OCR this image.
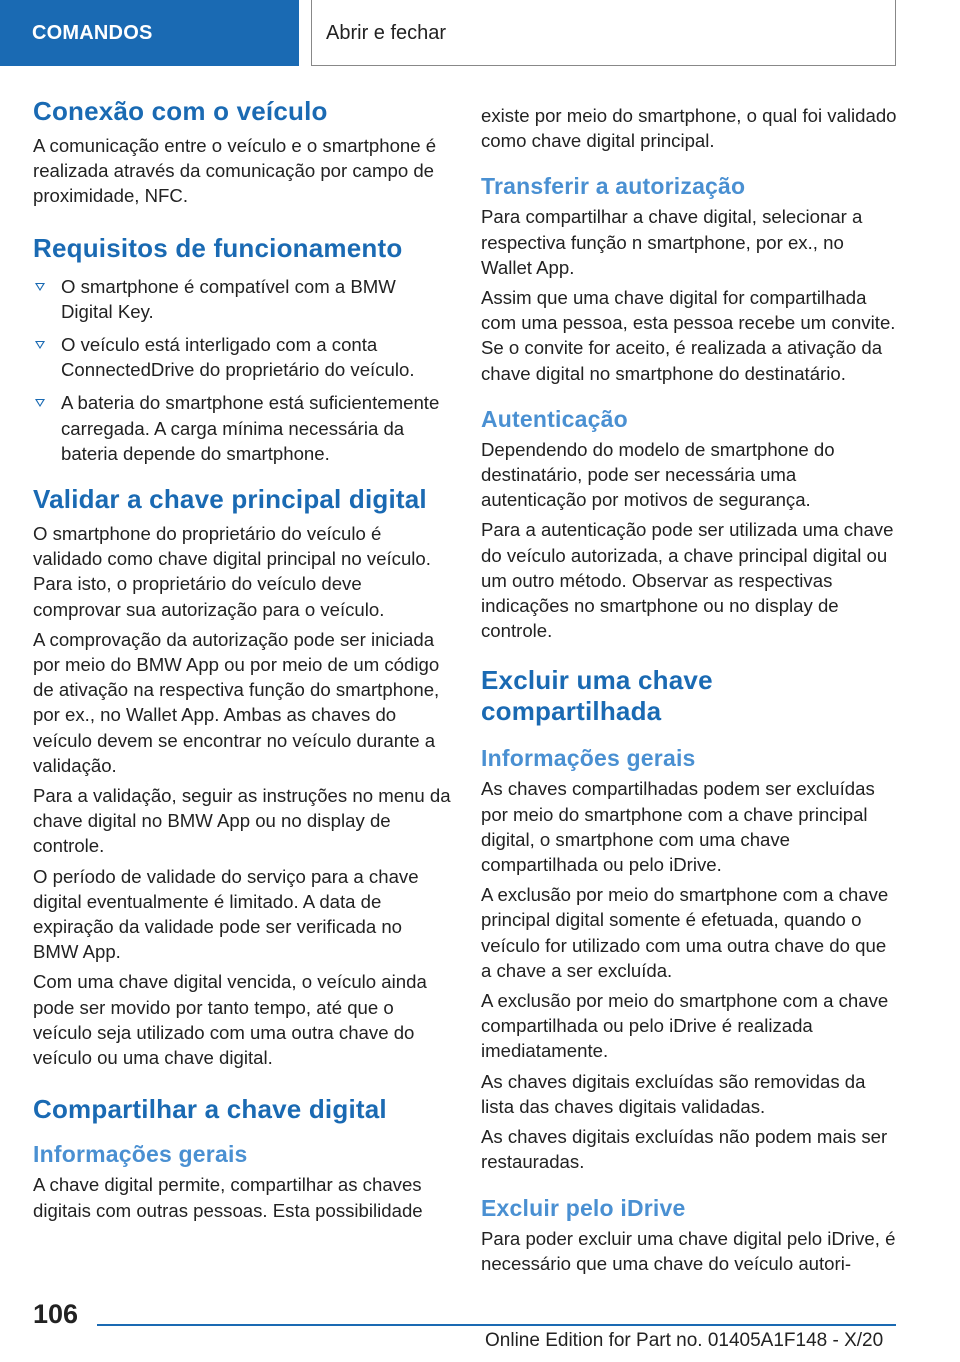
COMANDOS	Abrir e fechar
Conexão com o veículo

A comunicação entre o veículo e o smartphone é realizada através da comunicação por campo de proximidade, NFC.

Requisitos de funcionamento
O smartphone é compatível com a BMW Digital Key.
O veículo está interligado com a conta ConnectedDrive do proprietário do veículo.
A bateria do smartphone está suficientemente carregada. A carga mínima necessária da bateria depende do smartphone.
Validar a chave principal digital

O smartphone do proprietário do veículo é validado como chave digital principal no veículo. Para isto, o proprietário do veículo deve comprovar sua autorização para o veículo.

A comprovação da autorização pode ser iniciada por meio do BMW App ou por meio de um código de ativação na respectiva função do smartphone, por ex., no Wallet App. Ambas as chaves do veículo devem se encontrar no veículo durante a validação.

Para a validação, seguir as instruções no menu da chave digital no BMW App ou no display de controle.

O período de validade do serviço para a chave digital eventualmente é limitado. A data de expiração da validade pode ser verificada no BMW App.

Com uma chave digital vencida, o veículo ainda pode ser movido por tanto tempo, até que o veículo seja utilizado com uma outra chave do veículo ou uma chave digital.

Compartilhar a chave digital
Informações gerais

A chave digital permite, compartilhar as chaves digitais com outras pessoas. Esta possibilidade

existe por meio do smartphone, o qual foi validado como chave digital principal.

Transferir a autorização

Para compartilhar a chave digital, selecionar a respectiva função n smartphone, por ex., no Wallet App.

Assim que uma chave digital for compartilhada com uma pessoa, esta pessoa recebe um convite. Se o convite for aceito, é realizada a ativação da chave digital no smartphone do destinatário.

Autenticação

Dependendo do modelo de smartphone do destinatário, pode ser necessária uma autenticação por motivos de segurança.

Para a autenticação pode ser utilizada uma chave do veículo autorizada, a chave principal digital ou um outro método. Observar as respectivas indicações no smartphone ou no display de controle.

Excluir uma chave compartilhada
Informações gerais

As chaves compartilhadas podem ser excluídas por meio do smartphone com a chave principal digital, o smartphone com uma chave compartilhada ou pelo iDrive.

A exclusão por meio do smartphone com a chave principal digital somente é efetuada, quando o veículo for utilizado com uma outra chave do que a chave a ser excluída.

A exclusão por meio do smartphone com a chave compartilhada ou pelo iDrive é realizada imediatamente.

As chaves digitais excluídas são removidas da lista das chaves digitais validadas.

As chaves digitais excluídas não podem mais ser restauradas.

Excluir pelo iDrive

Para poder excluir uma chave digital pelo iDrive, é necessário que uma chave do veículo autori-

106
Online Edition for Part no. 01405A1F148 - X/20
